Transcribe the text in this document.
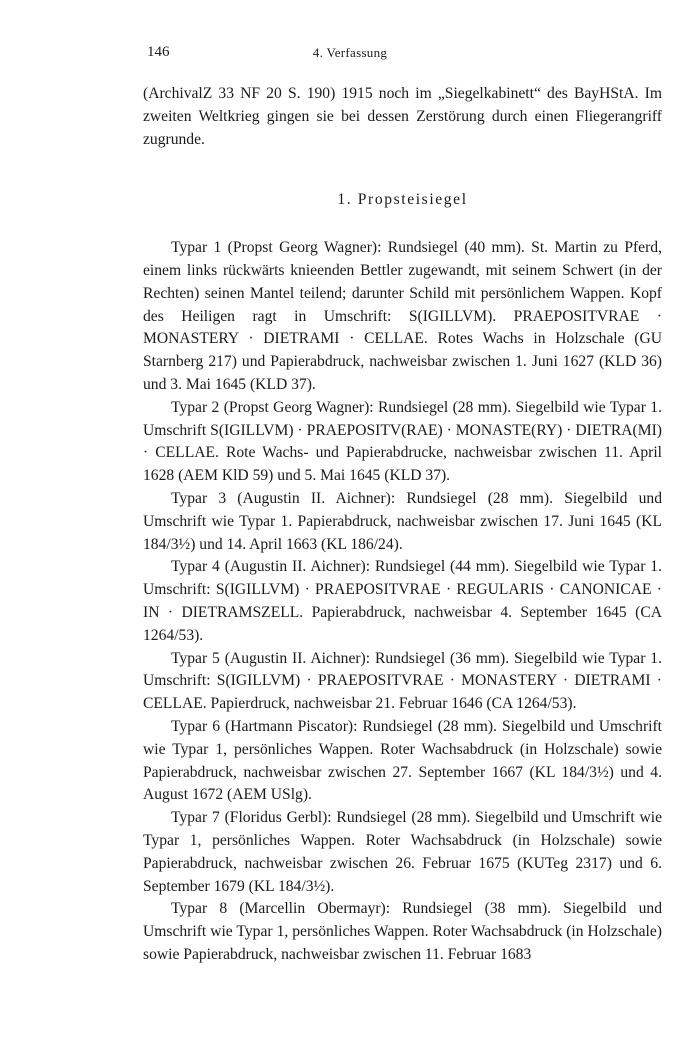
146	4. Verfassung

(ArchivalZ 33 NF 20 S. 190) 1915 noch im „Siegelkabinett“ des BayHStA. Im zweiten Weltkrieg gingen sie bei dessen Zerstörung durch einen Fliegerangriff zugrunde.

1. Propsteisiegel

Typar 1 (Propst Georg Wagner): Rundsiegel (40 mm). St. Martin zu Pferd, einem links rückwärts knieenden Bettler zugewandt, mit seinem Schwert (in der Rechten) seinen Mantel teilend; darunter Schild mit persönlichem Wappen. Kopf des Heiligen ragt in Umschrift: S(IGILLVM). PRAEPOSITVRAE · MONASTERY · DIETRAMI · CELLAE. Rotes Wachs in Holzschale (GU Starnberg 217) und Papierabdruck, nachweisbar zwischen 1. Juni 1627 (KLD 36) und 3. Mai 1645 (KLD 37).

Typar 2 (Propst Georg Wagner): Rundsiegel (28 mm). Siegelbild wie Typar 1. Umschrift S(IGILLVM) · PRAEPOSITV(RAE) · MONASTE(RY) · DIETRA(MI) · CELLAE. Rote Wachs- und Papierabdrucke, nachweisbar zwischen 11. April 1628 (AEM KlD 59) und 5. Mai 1645 (KLD 37).

Typar 3 (Augustin II. Aichner): Rundsiegel (28 mm). Siegelbild und Umschrift wie Typar 1. Papierabdruck, nachweisbar zwischen 17. Juni 1645 (KL 184/3½) und 14. April 1663 (KL 186/24).

Typar 4 (Augustin II. Aichner): Rundsiegel (44 mm). Siegelbild wie Typar 1. Umschrift: S(IGILLVM) · PRAEPOSITVRAE · REGULARIS · CANONICAE · IN · DIETRAMSZELL. Papierabdruck, nachweisbar 4. September 1645 (CA 1264/53).

Typar 5 (Augustin II. Aichner): Rundsiegel (36 mm). Siegelbild wie Typar 1. Umschrift: S(IGILLVM) · PRAEPOSITVRAE · MONASTERY · DIETRAMI · CELLAE. Papierdruck, nachweisbar 21. Februar 1646 (CA 1264/53).

Typar 6 (Hartmann Piscator): Rundsiegel (28 mm). Siegelbild und Umschrift wie Typar 1, persönliches Wappen. Roter Wachsabdruck (in Holzschale) sowie Papierabdruck, nachweisbar zwischen 27. September 1667 (KL 184/3½) und 4. August 1672 (AEM USlg).

Typar 7 (Floridus Gerbl): Rundsiegel (28 mm). Siegelbild und Umschrift wie Typar 1, persönliches Wappen. Roter Wachsabdruck (in Holzschale) sowie Papierabdruck, nachweisbar zwischen 26. Februar 1675 (KUTeg 2317) und 6. September 1679 (KL 184/3½).

Typar 8 (Marcellin Obermayr): Rundsiegel (38 mm). Siegelbild und Umschrift wie Typar 1, persönliches Wappen. Roter Wachsabdruck (in Holzschale) sowie Papierabdruck, nachweisbar zwischen 11. Februar 1683
